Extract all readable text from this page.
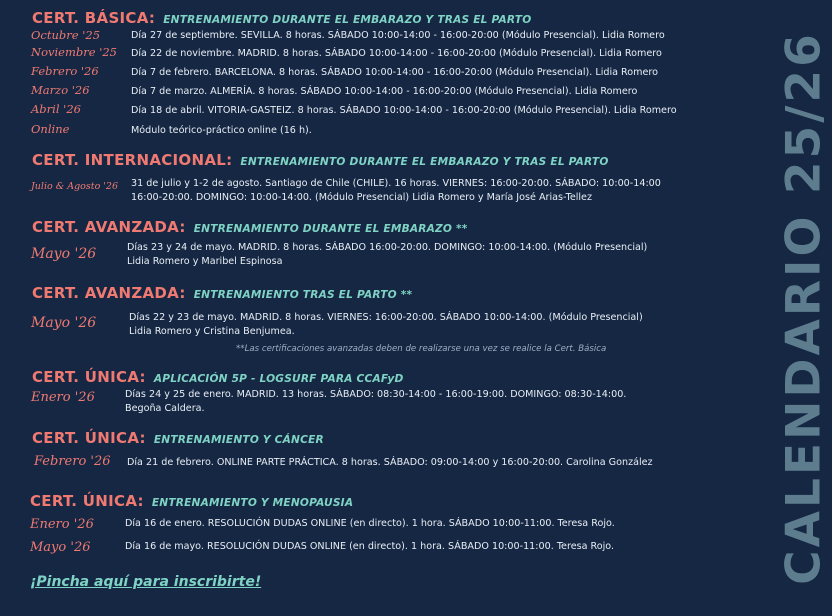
CERT. BÁSICA: ENTRENAMIENTO DURANTE EL EMBARAZO Y TRAS EL PARTO
Octubre '25	Día 27 de septiembre. SEVILLA. 8 horas. SÁBADO 10:00-14:00 - 16:00-20:00 (Módulo Presencial). Lidia Romero
Noviembre '25 Día 22 de noviembre. MADRID. 8 horas. SÁBADO 10:00-14:00 - 16:00-20:00 (Módulo Presencial). Lidia Romero
Febrero '26	Día 7 de febrero. BARCELONA. 8 horas. SÁBADO 10:00-14:00 - 16:00-20:00 (Módulo Presencial). Lidia Romero
Marzo '26	Día 7 de marzo. ALMERÍA. 8 horas. SÁBADO 10:00-14:00 - 16:00-20:00 (Módulo Presencial). Lidia Romero
Abril '26	Día 18 de abril. VITORIA-GASTEIZ. 8 horas. SÁBADO 10:00-14:00 - 16:00-20:00 (Módulo Presencial). Lidia Romero
Online	Módulo teórico-práctico online (16 h).
CERT. INTERNACIONAL: ENTRENAMIENTO DURANTE EL EMBARAZO Y TRAS EL PARTO
Julio & Agosto '26 31 de julio y 1-2 de agosto. Santiago de Chile (CHILE). 16 horas. VIERNES: 16:00-20:00. SÁBADO: 10:00-14:00
16:00-20:00. DOMINGO: 10:00-14:00. (Módulo Presencial) Lidia Romero y María José Arias-Tellez
CERT. AVANZADA: ENTRENAMIENTO DURANTE EL EMBARAZO **
Mayo '26	Días 23 y 24 de mayo. MADRID. 8 horas. SÁBADO 16:00-20:00. DOMINGO: 10:00-14:00. (Módulo Presencial)
Lidia Romero y Maribel Espinosa
CERT. AVANZADA: ENTRENAMIENTO TRAS EL PARTO **
Mayo '26	Días 22 y 23 de mayo. MADRID. 8 horas. VIERNES: 16:00-20:00. SÁBADO 10:00-14:00. (Módulo Presencial)
Lidia Romero y Cristina Benjumea.
**Las certificaciones avanzadas deben de realizarse una vez se realice la Cert. Básica
CERT. ÚNICA: APLICACIÓN 5P - LOGSURF PARA CCAFyD
Enero '26	Días 24 y 25 de enero. MADRID. 13 horas. SÁBADO: 08:30-14:00 - 16:00-19:00. DOMINGO: 08:30-14:00.
Begoña Caldera.
CERT. ÚNICA: ENTRENAMIENTO Y CÁNCER
Febrero '26 Día 21 de febrero. ONLINE PARTE PRÁCTICA. 8 horas. SÁBADO: 09:00-14:00 y 16:00-20:00. Carolina González
CERT. ÚNICA: ENTRENAMIENTO Y MENOPAUSIA
Enero '26	Día 16 de enero. RESOLUCIÓN DUDAS ONLINE (en directo). 1 hora. SÁBADO 10:00-11:00. Teresa Rojo.
Mayo '26	Día 16 de mayo. RESOLUCIÓN DUDAS ONLINE (en directo). 1 hora. SÁBADO 10:00-11:00. Teresa Rojo.
¡Pincha aquí para inscribirte!	CALENDARIO 25/26
